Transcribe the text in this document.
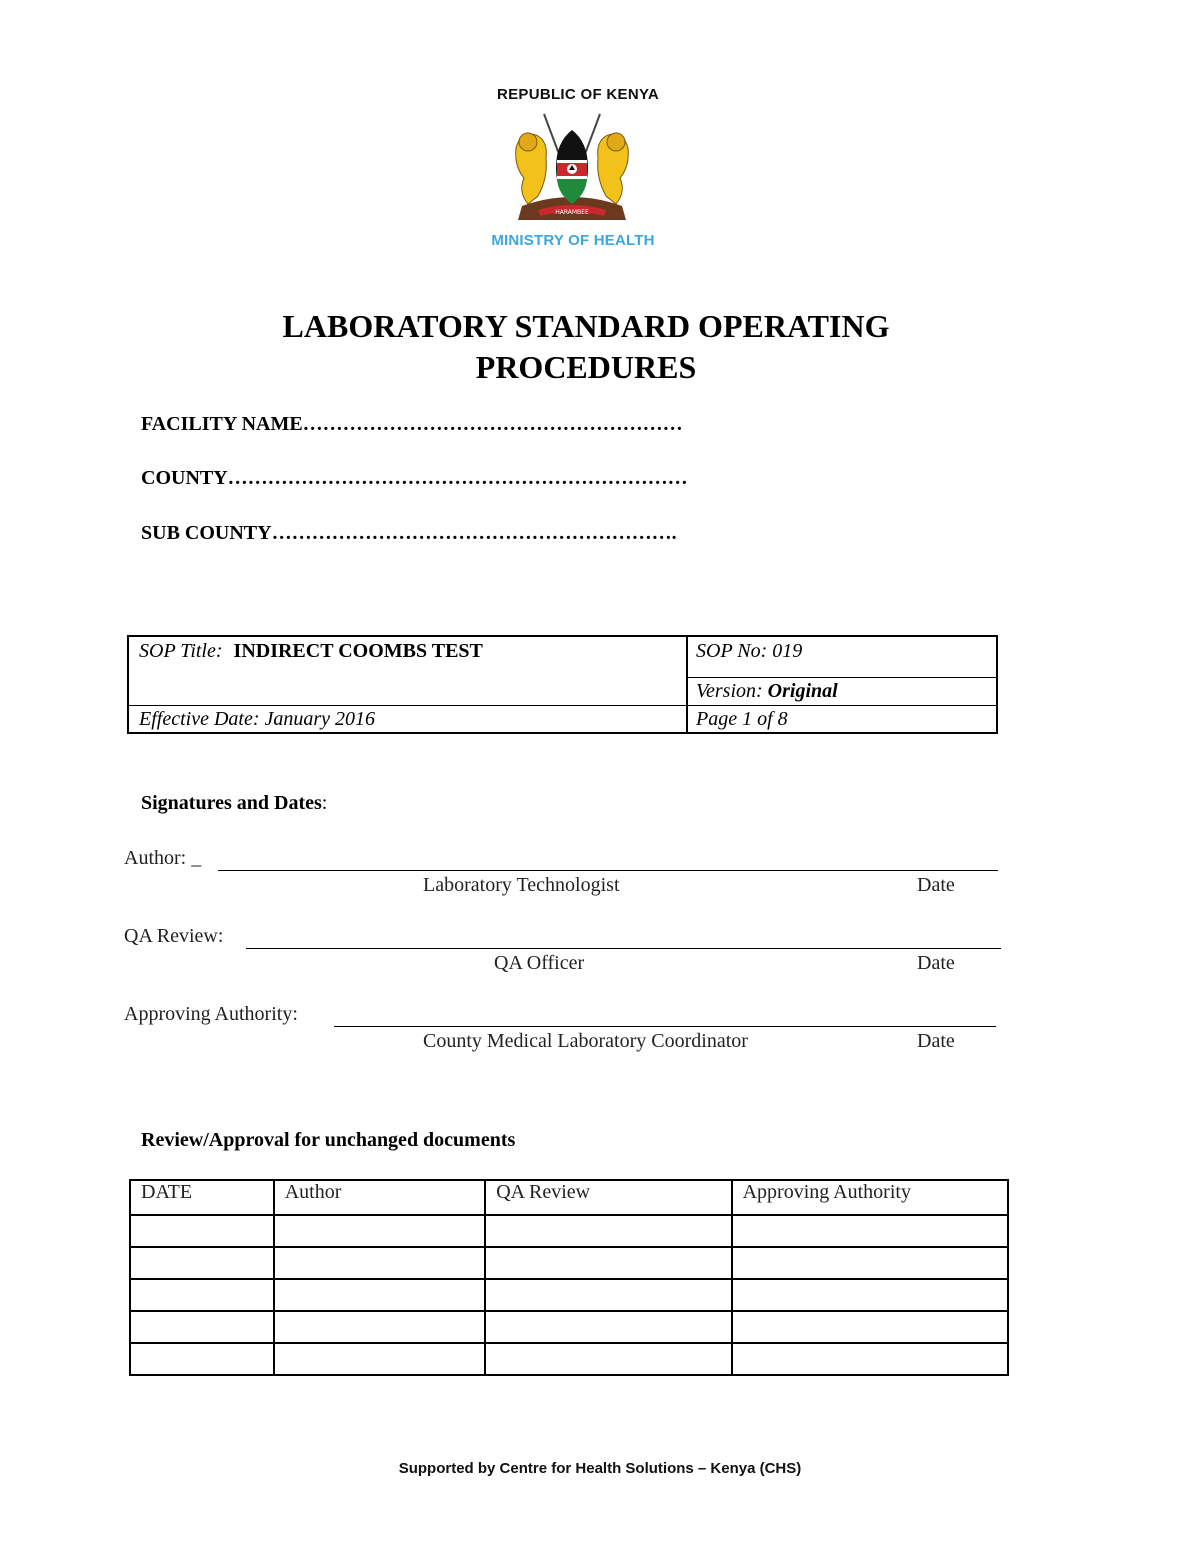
REPUBLIC OF KENYA
HARAMBEE
MINISTRY OF HEALTH
LABORATORY STANDARD OPERATING
PROCEDURES
FACILITY NAME…………………………………………………
COUNTY……………………………………………………………
SUB COUNTY…………………………………………………….
SOP Title: INDIRECT COOMBS TEST	SOP No: 019
Version: Original
Effective Date: January 2016	Page 1 of 8
Signatures and Dates:
Author: _
Laboratory Technologist	Date
QA Review:
QA Officer	Date
Approving Authority:
County Medical Laboratory Coordinator	Date
Review/Approval for unchanged documents
DATE	Author	QA Review	Approving Authority

Supported by Centre for Health Solutions – Kenya (CHS)
